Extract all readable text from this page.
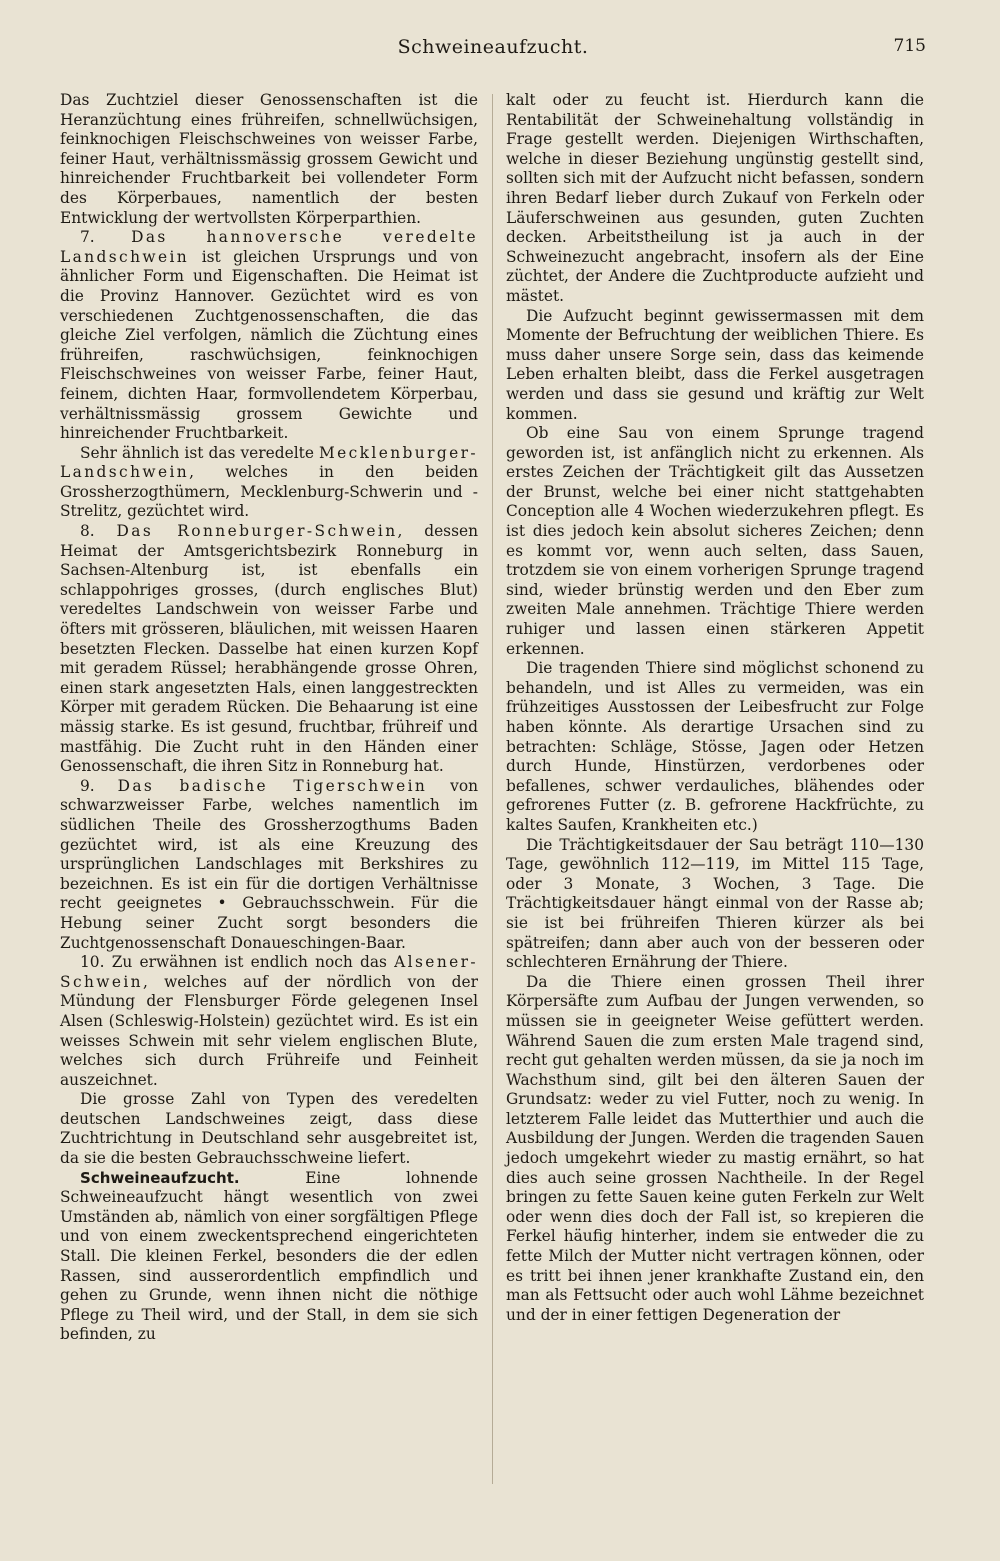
Schweineaufzucht.	715

Das Zuchtziel dieser Genossenschaften ist die Heranzüchtung eines frühreifen, schnellwüchsigen, feinknochigen Fleischschweines von weisser Farbe, feiner Haut, verhältnissmässig grossem Gewicht und hinreichender Fruchtbarkeit bei vollendeter Form des Körperbaues, namentlich der besten Entwicklung der wertvollsten Körperparthien.

7. Das hannoversche veredelte Landschwein ist gleichen Ursprungs und von ähnlicher Form und Eigenschaften. Die Heimat ist die Provinz Hannover. Gezüchtet wird es von verschiedenen Zuchtgenossenschaften, die das gleiche Ziel verfolgen, nämlich die Züchtung eines frühreifen, raschwüchsigen, feinknochigen Fleischschweines von weisser Farbe, feiner Haut, feinem, dichten Haar, formvollendetem Körperbau, verhältnissmässig grossem Gewichte und hinreichender Fruchtbarkeit.

Sehr ähnlich ist das veredelte Mecklenburger-Landschwein, welches in den beiden Grossherzogthümern, Mecklenburg-Schwerin und -Strelitz, gezüchtet wird.

8. Das Ronneburger-Schwein, dessen Heimat der Amtsgerichtsbezirk Ronneburg in Sachsen-Altenburg ist, ist ebenfalls ein schlappohriges grosses, (durch englisches Blut) veredeltes Landschwein von weisser Farbe und öfters mit grösseren, bläulichen, mit weissen Haaren besetzten Flecken. Dasselbe hat einen kurzen Kopf mit geradem Rüssel; herabhängende grosse Ohren, einen stark angesetzten Hals, einen langgestreckten Körper mit geradem Rücken. Die Behaarung ist eine mässig starke. Es ist gesund, fruchtbar, frühreif und mastfähig. Die Zucht ruht in den Händen einer Genossenschaft, die ihren Sitz in Ronneburg hat.

9. Das badische Tigerschwein von schwarzweisser Farbe, welches namentlich im südlichen Theile des Grossherzogthums Baden gezüchtet wird, ist als eine Kreuzung des ursprünglichen Landschlages mit Berkshires zu bezeichnen. Es ist ein für die dortigen Verhältnisse recht geeignetes • Gebrauchsschwein. Für die Hebung seiner Zucht sorgt besonders die Zuchtgenossenschaft Donaueschingen-Baar.

10. Zu erwähnen ist endlich noch das Alsener-Schwein, welches auf der nördlich von der Mündung der Flensburger Förde gelegenen Insel Alsen (Schleswig-Holstein) gezüchtet wird. Es ist ein weisses Schwein mit sehr vielem englischen Blute, welches sich durch Frühreife und Feinheit auszeichnet.

Die grosse Zahl von Typen des veredelten deutschen Landschweines zeigt, dass diese Zuchtrichtung in Deutschland sehr ausgebreitet ist, da sie die besten Gebrauchsschweine liefert.

Schweineaufzucht. Eine lohnende Schweineaufzucht hängt wesentlich von zwei Umständen ab, nämlich von einer sorgfältigen Pflege und von einem zweckentsprechend eingerichteten Stall. Die kleinen Ferkel, besonders die der edlen Rassen, sind ausserordentlich empfindlich und gehen zu Grunde, wenn ihnen nicht die nöthige Pflege zu Theil wird, und der Stall, in dem sie sich befinden, zu

kalt oder zu feucht ist. Hierdurch kann die Rentabilität der Schweinehaltung vollständig in Frage gestellt werden. Diejenigen Wirthschaften, welche in dieser Beziehung ungünstig gestellt sind, sollten sich mit der Aufzucht nicht befassen, sondern ihren Bedarf lieber durch Zukauf von Ferkeln oder Läuferschweinen aus gesunden, guten Zuchten decken. Arbeitstheilung ist ja auch in der Schweinezucht angebracht, insofern als der Eine züchtet, der Andere die Zuchtproducte aufzieht und mästet.

Die Aufzucht beginnt gewissermassen mit dem Momente der Befruchtung der weiblichen Thiere. Es muss daher unsere Sorge sein, dass das keimende Leben erhalten bleibt, dass die Ferkel ausgetragen werden und dass sie gesund und kräftig zur Welt kommen.

Ob eine Sau von einem Sprunge tragend geworden ist, ist anfänglich nicht zu erkennen. Als erstes Zeichen der Trächtigkeit gilt das Aussetzen der Brunst, welche bei einer nicht stattgehabten Conception alle 4 Wochen wiederzukehren pflegt. Es ist dies jedoch kein absolut sicheres Zeichen; denn es kommt vor, wenn auch selten, dass Sauen, trotzdem sie von einem vorherigen Sprunge tragend sind, wieder brünstig werden und den Eber zum zweiten Male annehmen. Trächtige Thiere werden ruhiger und lassen einen stärkeren Appetit erkennen.

Die tragenden Thiere sind möglichst schonend zu behandeln, und ist Alles zu vermeiden, was ein frühzeitiges Ausstossen der Leibesfrucht zur Folge haben könnte. Als derartige Ursachen sind zu betrachten: Schläge, Stösse, Jagen oder Hetzen durch Hunde, Hinstürzen, verdorbenes oder befallenes, schwer verdauliches, blähendes oder gefrorenes Futter (z. B. gefrorene Hackfrüchte, zu kaltes Saufen, Krankheiten etc.)

Die Trächtigkeitsdauer der Sau beträgt 110—130 Tage, gewöhnlich 112—119, im Mittel 115 Tage, oder 3 Monate, 3 Wochen, 3 Tage. Die Trächtigkeitsdauer hängt einmal von der Rasse ab; sie ist bei frühreifen Thieren kürzer als bei spätreifen; dann aber auch von der besseren oder schlechteren Ernährung der Thiere.

Da die Thiere einen grossen Theil ihrer Körpersäfte zum Aufbau der Jungen verwenden, so müssen sie in geeigneter Weise gefüttert werden. Während Sauen die zum ersten Male tragend sind, recht gut gehalten werden müssen, da sie ja noch im Wachsthum sind, gilt bei den älteren Sauen der Grundsatz: weder zu viel Futter, noch zu wenig. In letzterem Falle leidet das Mutterthier und auch die Ausbildung der Jungen. Werden die tragenden Sauen jedoch umgekehrt wieder zu mastig ernährt, so hat dies auch seine grossen Nachtheile. In der Regel bringen zu fette Sauen keine guten Ferkeln zur Welt oder wenn dies doch der Fall ist, so krepieren die Ferkel häufig hinterher, indem sie entweder die zu fette Milch der Mutter nicht vertragen können, oder es tritt bei ihnen jener krankhafte Zustand ein, den man als Fettsucht oder auch wohl Lähme bezeichnet und der in einer fettigen Degeneration der
